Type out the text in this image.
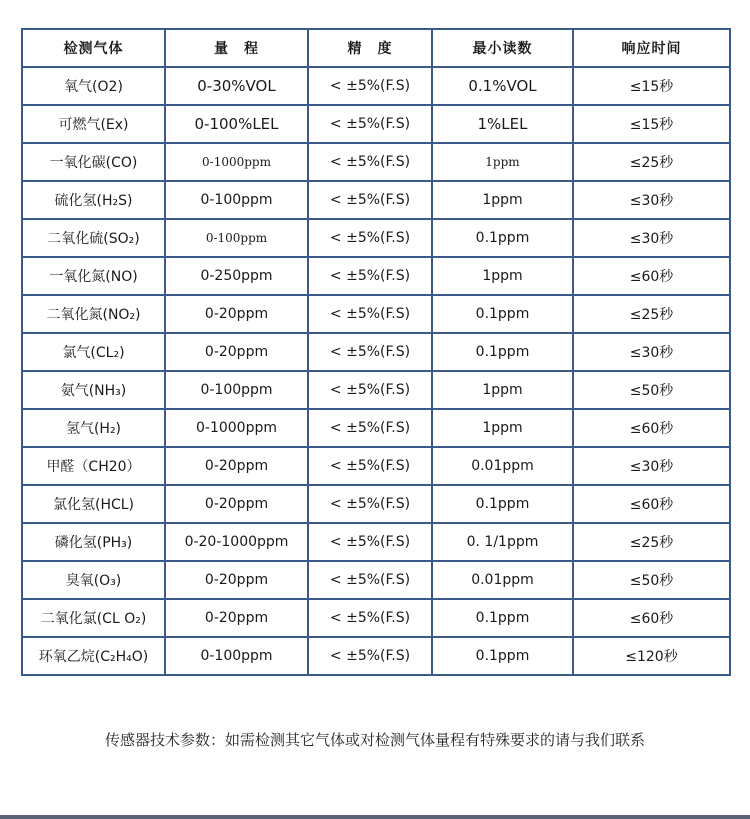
检测气体	量　程	精　度	最小读数	响应时间
氧气(O2)	0-30%VOL	< ±5%(F.S)	0.1%VOL	≤15秒
可燃气(Ex)	0-100%LEL	< ±5%(F.S)	1%LEL	≤15秒
一氧化碳(CO)	0-1000ppm	< ±5%(F.S)	1ppm	≤25秒
硫化氢(H₂S)	0-100ppm	< ±5%(F.S)	1ppm	≤30秒
二氧化硫(SO₂)	0-100ppm	< ±5%(F.S)	0.1ppm	≤30秒
一氧化氮(NO)	0-250ppm	< ±5%(F.S)	1ppm	≤60秒
二氧化氮(NO₂)	0-20ppm	< ±5%(F.S)	0.1ppm	≤25秒
氯气(CL₂)	0-20ppm	< ±5%(F.S)	0.1ppm	≤30秒
氨气(NH₃)	0-100ppm	< ±5%(F.S)	1ppm	≤50秒
氢气(H₂)	0-1000ppm	< ±5%(F.S)	1ppm	≤60秒
甲醛（CH20）	0-20ppm	< ±5%(F.S)	0.01ppm	≤30秒
氯化氢(HCL)	0-20ppm	< ±5%(F.S)	0.1ppm	≤60秒
磷化氢(PH₃)	0-20-1000ppm	< ±5%(F.S)	0. 1/1ppm	≤25秒
臭氧(O₃)	0-20ppm	< ±5%(F.S)	0.01ppm	≤50秒
二氧化氯(CL O₂)	0-20ppm	< ±5%(F.S)	0.1ppm	≤60秒
环氧乙烷(C₂H₄O)	0-100ppm	< ±5%(F.S)	0.1ppm	≤120秒
传感器技术参数：如需检测其它气体或对检测气体量程有特殊要求的请与我们联系
